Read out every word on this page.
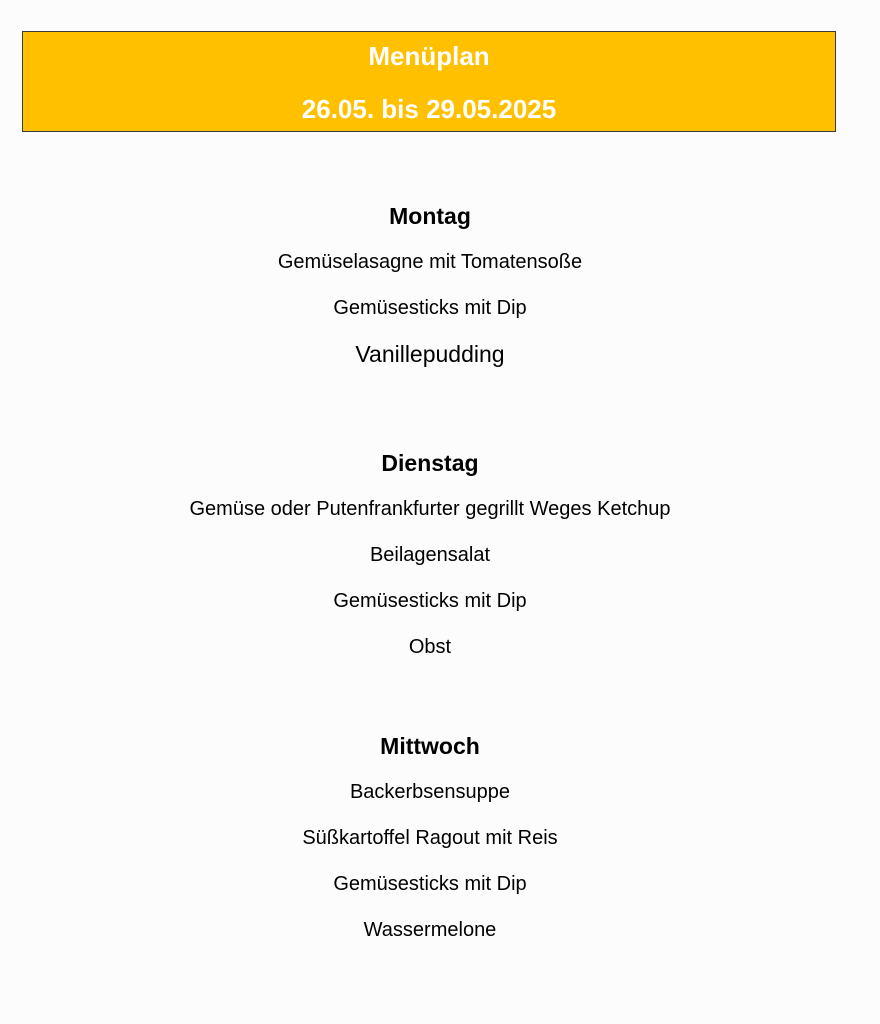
Menüplan
26.05. bis 29.05.2025
Montag
Gemüselasagne mit Tomatensoße
Gemüsesticks mit Dip
Vanillepudding
Dienstag
Gemüse oder Putenfrankfurter gegrillt Weges Ketchup
Beilagensalat
Gemüsesticks mit Dip
Obst
Mittwoch
Backerbsensuppe
Süßkartoffel Ragout mit Reis
Gemüsesticks mit Dip
Wassermelone
